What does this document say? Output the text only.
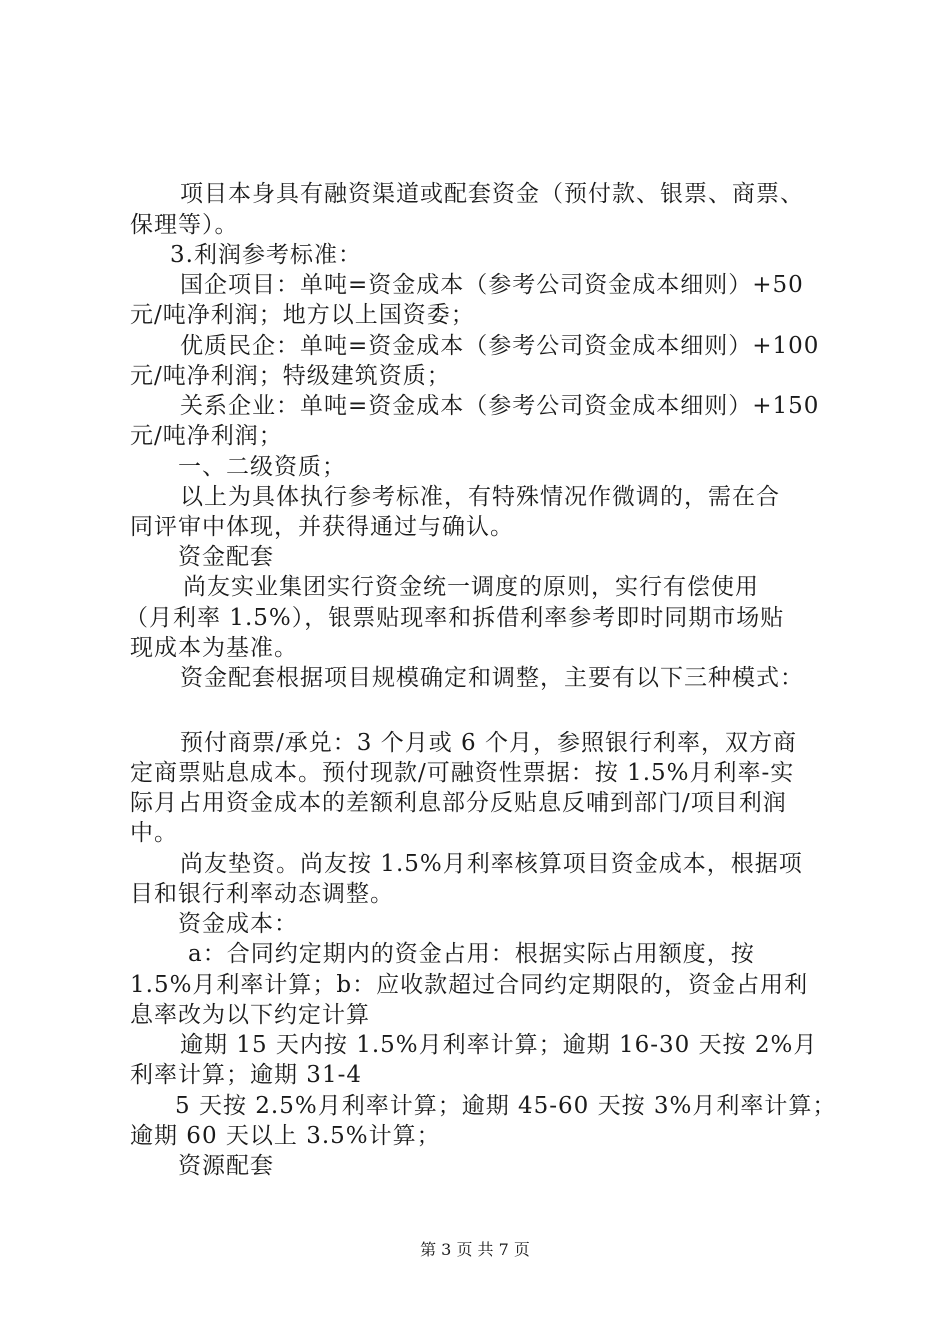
项目本身具有融资渠道或配套资金（预付款、银票、商票、
保理等）。
3.利润参考标准：
国企项目：单吨=资金成本（参考公司资金成本细则）+50
元/吨净利润；地方以上国资委；
优质民企：单吨=资金成本（参考公司资金成本细则）+100
元/吨净利润；特级建筑资质；
关系企业：单吨=资金成本（参考公司资金成本细则）+150
元/吨净利润；
一、二级资质；
以上为具体执行参考标准，有特殊情况作微调的，需在合
同评审中体现，并获得通过与确认。
资金配套
尚友实业集团实行资金统一调度的原则，实行有偿使用
（月利率 1.5%），银票贴现率和拆借利率参考即时同期市场贴
现成本为基准。
资金配套根据项目规模确定和调整，主要有以下三种模式：
预付商票/承兑：3 个月或 6 个月，参照银行利率，双方商
定商票贴息成本。预付现款/可融资性票据：按 1.5%月利率-实
际月占用资金成本的差额利息部分反贴息反哺到部门/项目利润
中。
尚友垫资。尚友按 1.5%月利率核算项目资金成本，根据项
目和银行利率动态调整。
资金成本：
a：合同约定期内的资金占用：根据实际占用额度，按
1.5%月利率计算；b：应收款超过合同约定期限的，资金占用利
息率改为以下约定计算
逾期 15 天内按 1.5%月利率计算；逾期 16-30 天按 2%月
利率计算；逾期 31-4
5 天按 2.5%月利率计算；逾期 45-60 天按 3%月利率计算；
逾期 60 天以上 3.5%计算；
资源配套
第 3 页 共 7 页
